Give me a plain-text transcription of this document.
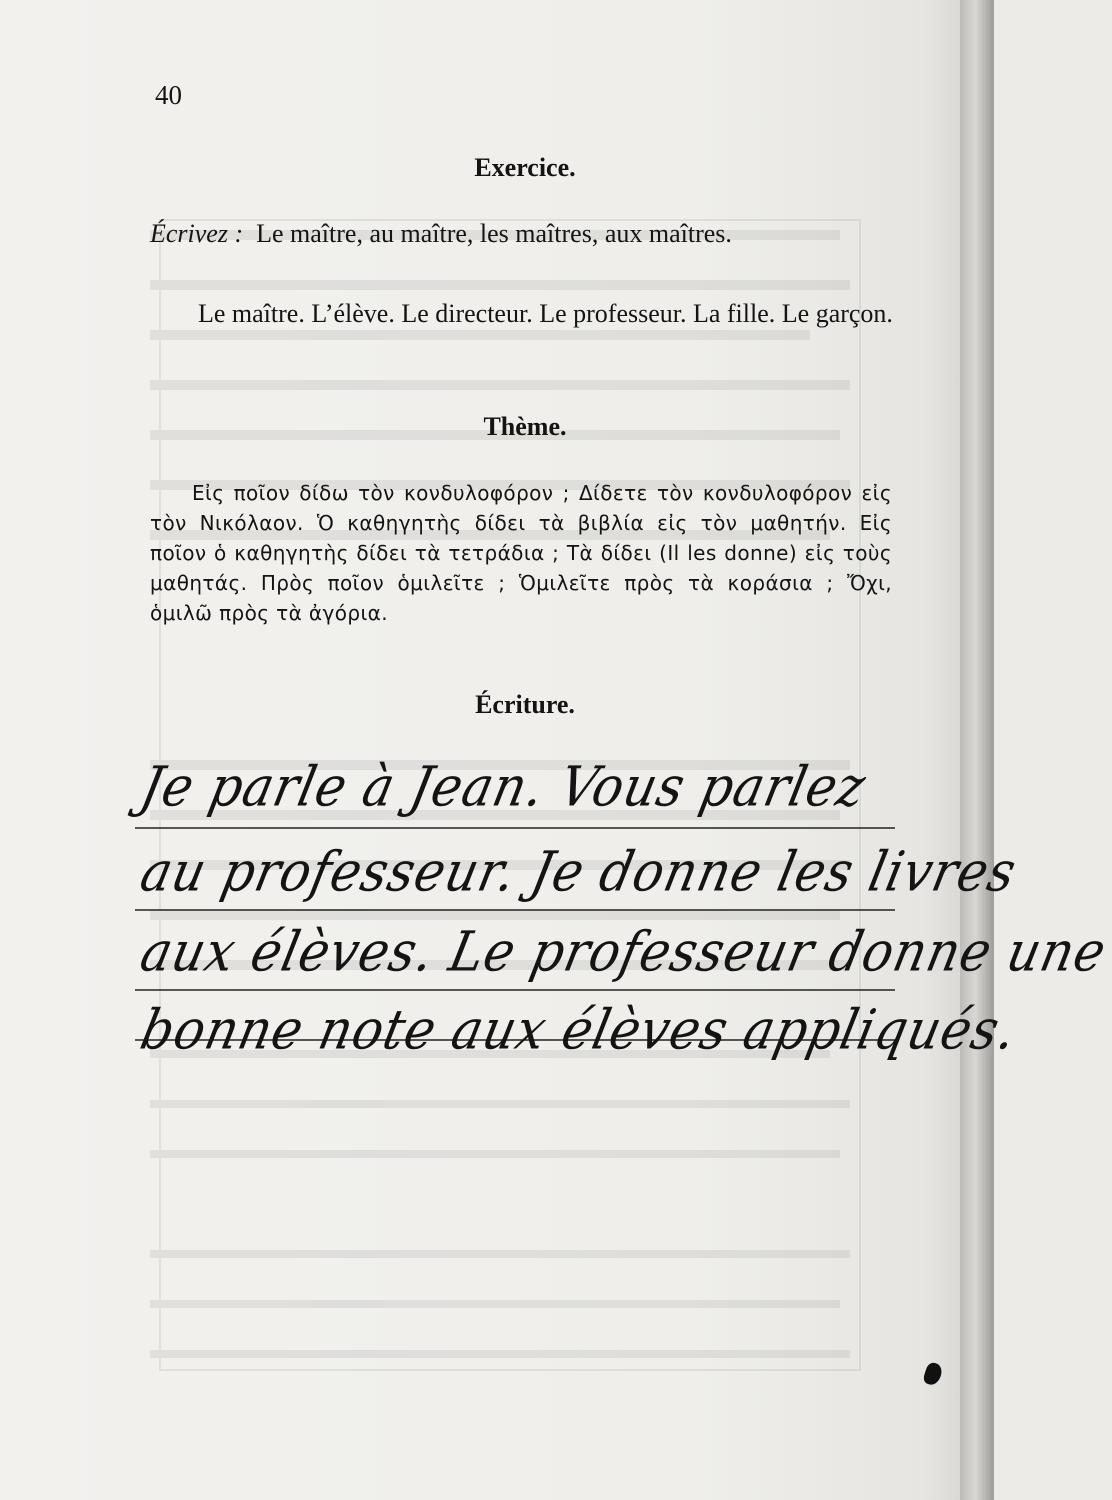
40
Exercice.
Écrivez : Le maître, au maître, les maîtres, aux maîtres.
Le maître. L’élève. Le directeur. Le professeur. La fille. Le garçon.
Thème.
Εἰς ποῖον δίδω τὸν κονδυλοφόρον ; Δίδετε τὸν κονδυλοφόρον εἰς τὸν Νικόλαον. Ὁ καθηγητὴς δίδει τὰ βιβλία εἰς τὸν μαθητήν. Εἰς ποῖον ὁ καθηγητὴς δίδει τὰ τετράδια ; Τὰ δίδει (Il les donne) εἰς τοὺς μαθητάς. Πρὸς ποῖον ὁμιλεῖτε ; Ὁμιλεῖτε πρὸς τὰ κοράσια ; Ὄχι, ὁμιλῶ πρὸς τὰ ἀγόρια.
Écriture.
Je parle à Jean. Vous parlez
au professeur. Je donne les livres
aux élèves. Le professeur donne une
bonne note aux élèves appliqués.
